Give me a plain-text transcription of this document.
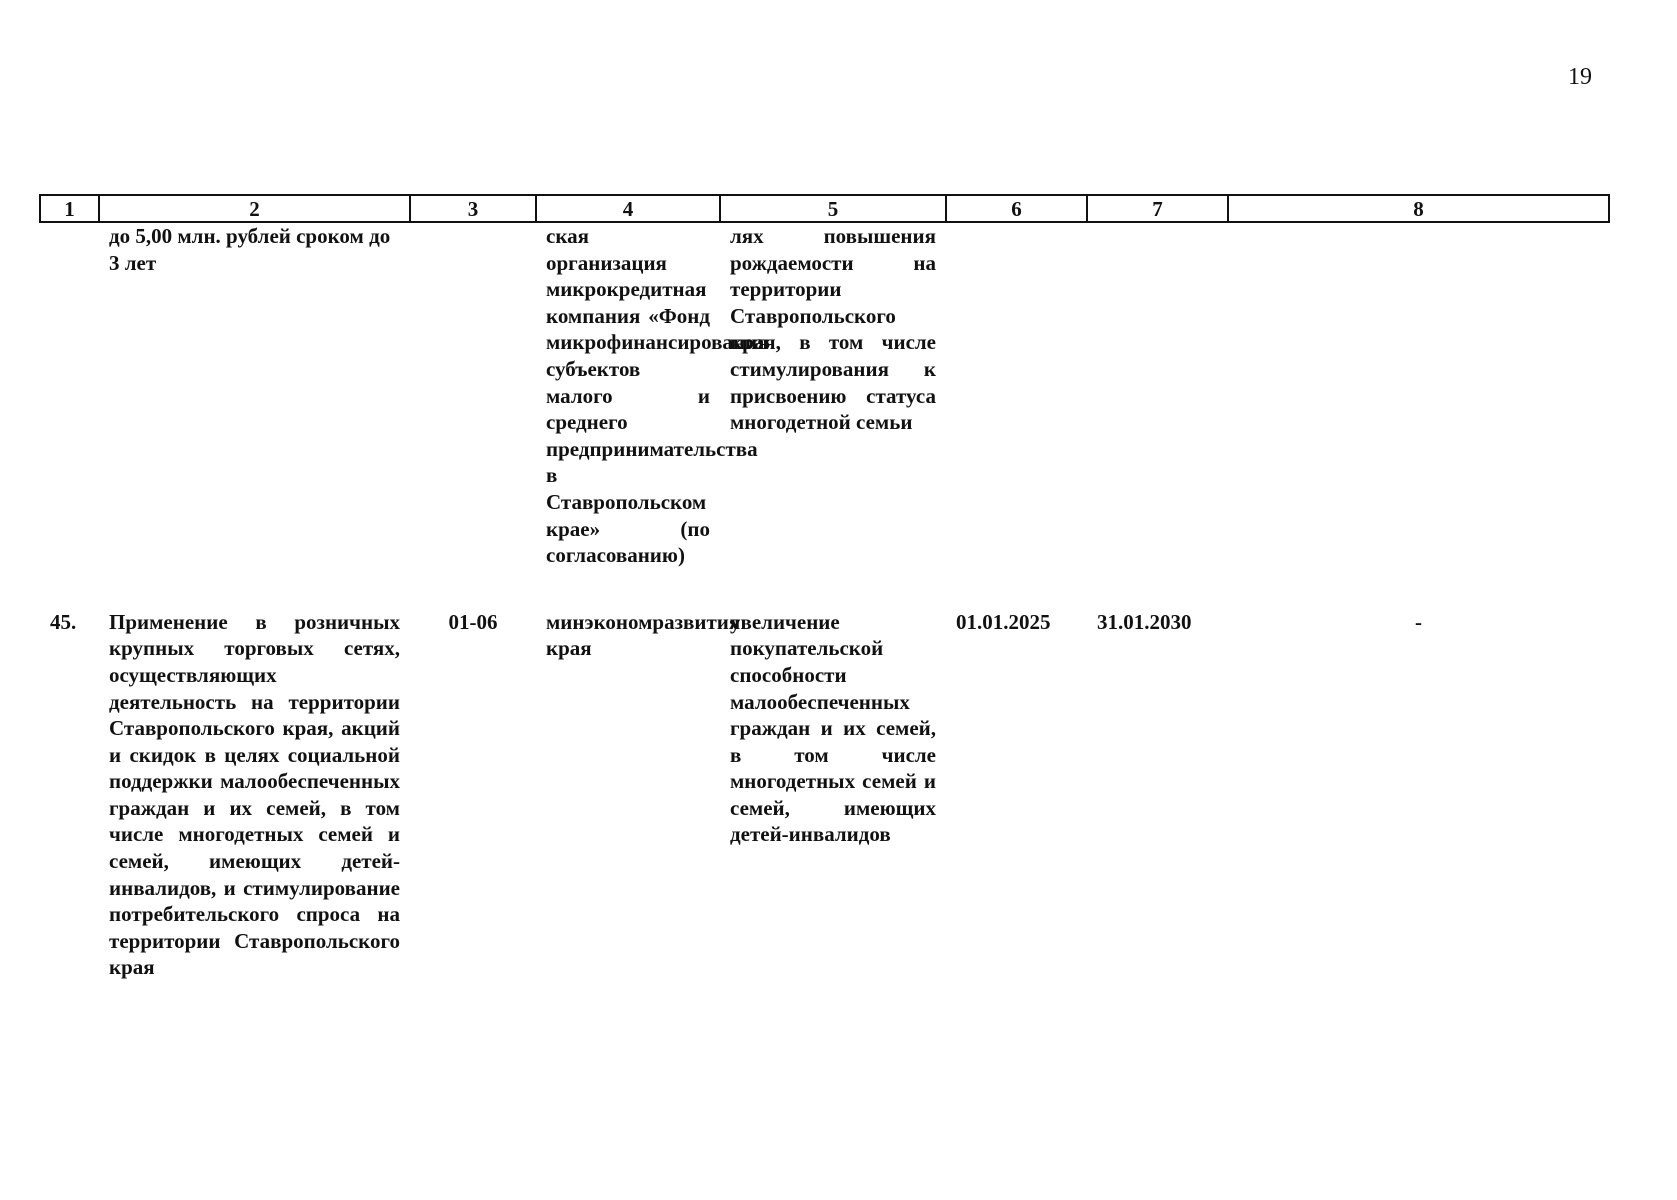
19
1	2	3	4	5	6	7	8
	до 5,00 млн. рублей сроком до 3 лет		ская организация микрокредитная компания «Фонд микрофинансирования субъектов малого и среднего предпринимательства в Ставропольском крае» (по согласованию)	лях повышения рождаемости на территории Ставропольского края, в том числе стимулирования к присвоению статуса многодетной семьи			
45.	Применение в розничных крупных торговых сетях, осуществляющих деятельность на территории Ставропольского края, акций и скидок в целях социальной поддержки малообеспеченных граждан и их семей, в том числе многодетных семей и семей, имеющих детей-инвалидов, и стимулирование потребительского спроса на территории Ставропольского края	01-06	минэкономразвития края	увеличение покупательской способности малообеспеченных граждан и их семей, в том числе многодетных семей и семей, имеющих детей-инвалидов	01.01.2025	31.01.2030	-
